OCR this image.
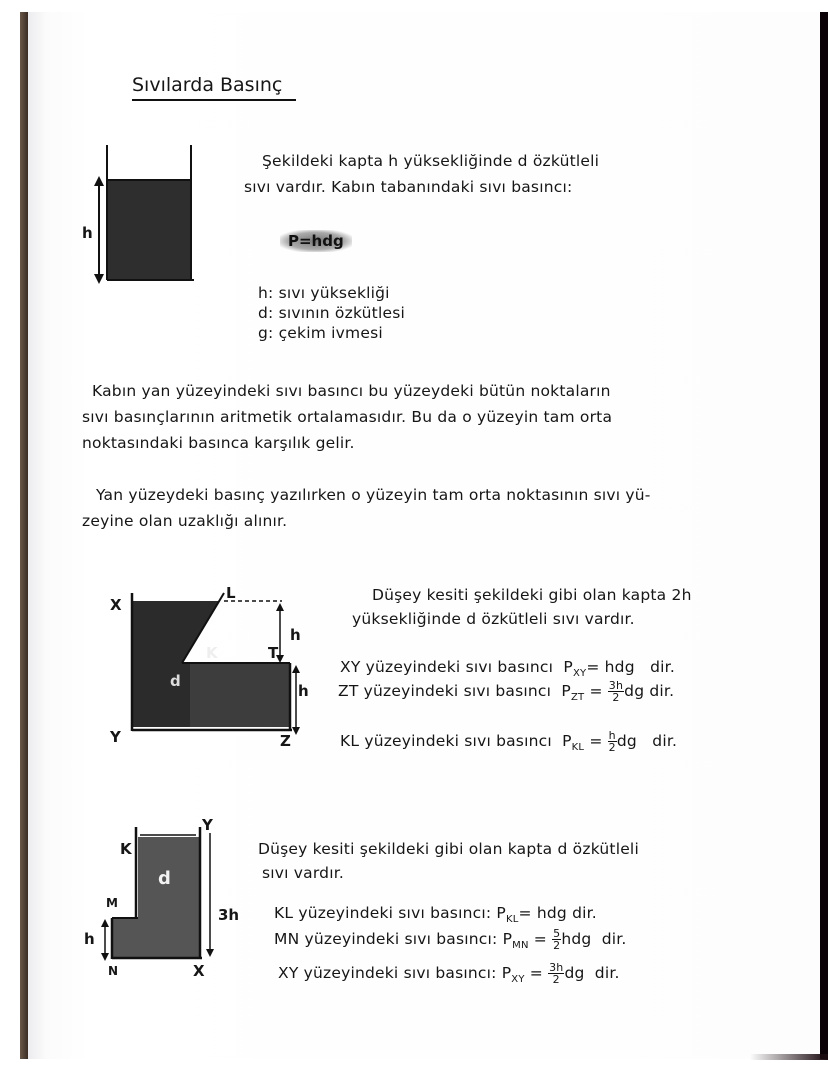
Sıvılarda Basınç
h
Şekildeki kapta h yüksekliğinde d özkütleli
sıvı vardır. Kabın tabanındaki sıvı basıncı:
P=hdg
h: sıvı yüksekliği
d: sıvının özkütlesi
g: çekim ivmesi
Kabın yan yüzeyindeki sıvı basıncı bu yüzeydeki bütün noktaların
sıvı basınçlarının aritmetik ortalamasıdır. Bu da o yüzeyin tam orta
noktasındaki basınca karşılık gelir.
Yan yüzeydeki basınç yazılırken o yüzeyin tam orta noktasının sıvı yü-
zeyine olan uzaklığı alınır.
X
Y
L
K	T
Z
d
h
h
Düşey kesiti şekildeki gibi olan kapta 2h
yüksekliğinde d özkütleli sıvı vardır.
XY yüzeyindeki sıvı basıncı $P_{XY}=$ hdg dir.
ZT yüzeyindeki sıvı basıncı $P_{ZT} = \frac{3h}{2}$ dg dir.
KL yüzeyindeki sıvı basıncı $P_{KL} = \frac{h}{2}$ dg dir.
K
Y
M
N	X
d
h
3h
Düşey kesiti şekildeki gibi olan kapta d özkütleli
sıvı vardır.
KL yüzeyindeki sıvı basıncı: $P_{KL}=$ hdg dir.
MN yüzeyindeki sıvı basıncı: $P_{MN} = \frac{5}{2}$ hdg dir.
XY yüzeyindeki sıvı basıncı: $P_{XY} = \frac{3h}{2}$ dg dir.
